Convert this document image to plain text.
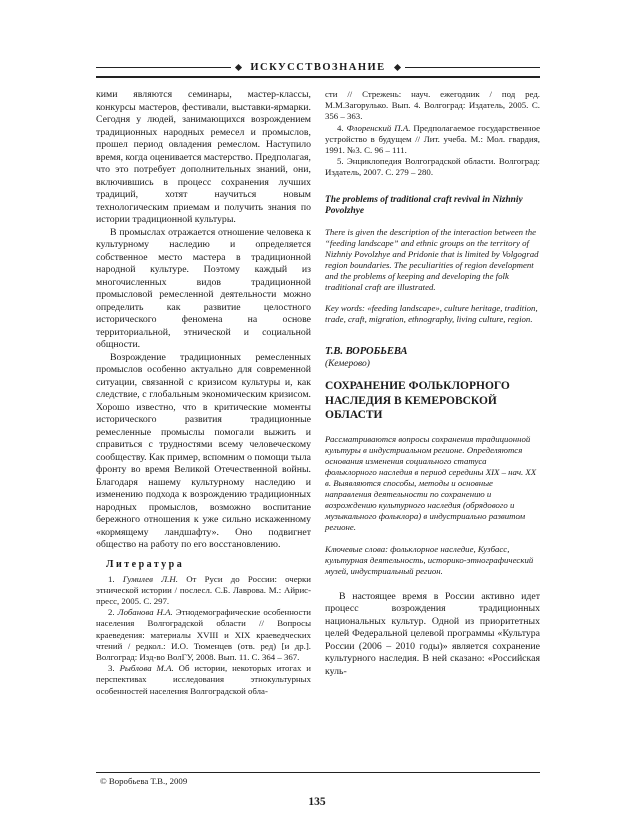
ИСКУССТВОЗНАНИЕ

кими являются семинары, мастер-классы, конкурсы мастеров, фестивали, выставки-ярмарки. Сегодня у людей, занимающихся возрождением традиционных народных ремесел и промыслов, прошел период овладения ремеслом. Наступило время, когда оценивается мастерство. Предполагая, что это потребует дополнительных знаний, они, включившись в процесс сохранения лучших традиций, хотят научиться новым технологическим приемам и получить знания по истории традиционной культуры.

В промыслах отражается отношение человека к культурному наследию и определяется собственное место мастера в традиционной народной культуре. Поэтому каждый из многочисленных видов традиционной промысловой ремесленной деятельности можно определить как развитие целостного исторического феномена на основе территориальной, этнической и социальной общности.

Возрождение традиционных ремесленных промыслов особенно актуально для современной ситуации, связанной с кризисом культуры и, как следствие, с глобальным экономическим кризисом. Хорошо известно, что в критические моменты исторического развития традиционные ремесленные промыслы помогали выжить и справиться с трудностями всему человеческому сообществу. Как пример, вспомним о помощи тыла фронту во время Великой Отечественной войны. Благодаря нашему культурному наследию и изменению подхода к возрождению традиционных народных промыслов, возможно воспитание бережного отношения к уже сильно искаженному «кормящему ландшафту». Оно подвигнет общество на работу по его восстановлению.

Литература

1. Гумилев Л.Н. От Руси до России: очерки этнической истории / послесл. С.Б. Лаврова. М.: Айрис-пресс, 2005. С. 297.

2. Лобанова Н.А. Этнодемографические особенности населения Волгоградской области // Вопросы краеведения: материалы XVIII и XIX краеведческих чтений / редкол.: И.О. Тюменцев (отв. ред) [и др.]. Волгоград: Изд-во ВолГУ, 2008. Вып. 11. С. 364 – 367.

3. Рыблова М.А. Об истории, некоторых итогах и перспективах исследования этнокультурных особенностей населения Волгоградской обла-

сти // Стрежень: науч. ежегодник / под ред. М.М.Загорулько. Вып. 4. Волгоград: Издатель, 2005. С. 356 – 363.

4. Флоренский П.А. Предполагаемое государственное устройство в будущем // Лит. учеба. М.: Мол. гвардия, 1991. №3. С. 96 – 111.

5. Энциклопедия Волгоградской области. Волгоград: Издатель, 2007. С. 279 – 280.

The problems of traditional craft revival in Nizhniy Povolzhye

There is given the description of the interaction between the “feeding landscape” and ethnic groups on the territory of Nizhniy Povolzhye and Pridonie that is limited by Volgograd region boundaries. The peculiarities of region development and the problems of keeping and developing the folk traditional craft are illustrated.

Key words: «feeding landscape», culture heritage, tradition, trade, craft, migration, ethnography, living culture, region.

Т.В. ВОРОБЬЕВА
(Кемерово)
СОХРАНЕНИЕ ФОЛЬКЛОРНОГО НАСЛЕДИЯ В КЕМЕРОВСКОЙ ОБЛАСТИ

Рассматриваются вопросы сохранения традиционной культуры в индустриальном регионе. Определяются основания изменения социального статуса фольклорного наследия в период середины XIX – нач. XX в. Выявляются способы, методы и основные направления деятельности по сохранению и возрождению культурного наследия (обрядового и музыкального фольклора) в индустриально развитом регионе.

Ключевые слова: фольклорное наследие, Кузбасс, культурная деятельность, историко-этнографический музей, индустриальный регион.

В настоящее время в России активно идет процесс возрождения традиционных национальных культур. Одной из приоритетных целей Федеральной целевой программы «Культура России (2006 – 2010 годы)» является сохранение культурного наследия. В ней сказано: «Российская куль-

© Воробьева Т.В., 2009
135
